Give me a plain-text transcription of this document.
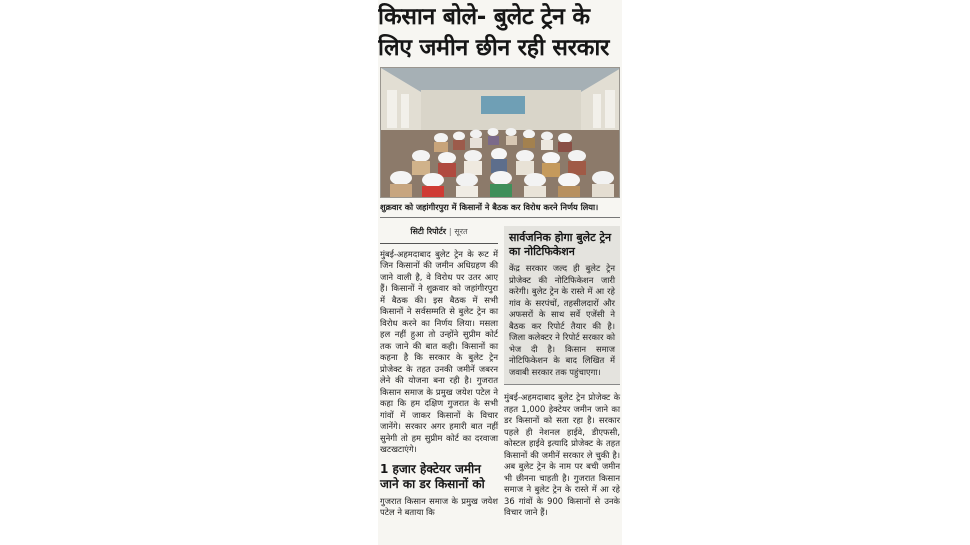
किसान बोले- बुलेट ट्रेन के लिए जमीन छीन रही सरकार

शुक्रवार को जहांगीरपुरा में किसानों ने बैठक कर विरोध करने निर्णय लिया।

सिटी रिपोर्टर | सूरत

मुंबई-अहमदाबाद बुलेट ट्रेन के रूट में जिन किसानों की जमीन अधिग्रहण की जाने वाली है, वे विरोध पर उतर आए हैं। किसानों ने शुक्रवार को जहांगीरपुरा में बैठक की। इस बैठक में सभी किसानों ने सर्वसम्मति से बुलेट ट्रेन का विरोध करने का निर्णय लिया। मसला हल नहीं हुआ तो उन्होंने सुप्रीम कोर्ट तक जाने की बात कही। किसानों का कहना है कि सरकार के बुलेट ट्रेन प्रोजेक्ट के तहत उनकी जमीनें जबरन लेने की योजना बना रही है। गुजरात किसान समाज के प्रमुख जयेश पटेल ने कहा कि हम दक्षिण गुजरात के सभी गांवों में जाकर किसानों के विचार जानेंगे। सरकार अगर हमारी बात नहीं सुनेगी तो हम सुप्रीम कोर्ट का दरवाजा खटखटाएंगे।

1 हजार हेक्टेयर जमीन जाने का डर किसानों को

गुजरात किसान समाज के प्रमुख जयेश पटेल ने बताया कि

सार्वजनिक होगा बुलेट ट्रेन का नोटिफिकेशन

केंद्र सरकार जल्द ही बुलेट ट्रेन प्रोजेक्ट की नोटिफिकेशन जारी करेगी। बुलेट ट्रेन के रास्ते में आ रहे गांव के सरपंचों, तहसीलदारों और अफसरों के साथ सर्वे एजेंसी ने बैठक कर रिपोर्ट तैयार की है। जिला कलेक्टर ने रिपोर्ट सरकार को भेज दी है। किसान समाज नोटिफिकेशन के बाद लिखित में जवाबी सरकार तक पहुंचाएगा।

मुंबई-अहमदाबाद बुलेट ट्रेन प्रोजेक्ट के तहत 1,000 हेक्टेयर जमीन जाने का डर किसानों को सता रहा है। सरकार पहले ही नेशनल हाईवे, डीएफसी, कोस्टल हाईवे इत्यादि प्रोजेक्ट के तहत किसानों की जमीनें सरकार ले चुकी है। अब बुलेट ट्रेन के नाम पर बची जमीन भी छीनना चाहती है। गुजरात किसान समाज ने बुलेट ट्रेन के रास्ते में आ रहे 36 गांवों के 900 किसानों से उनके विचार जाने हैं।
